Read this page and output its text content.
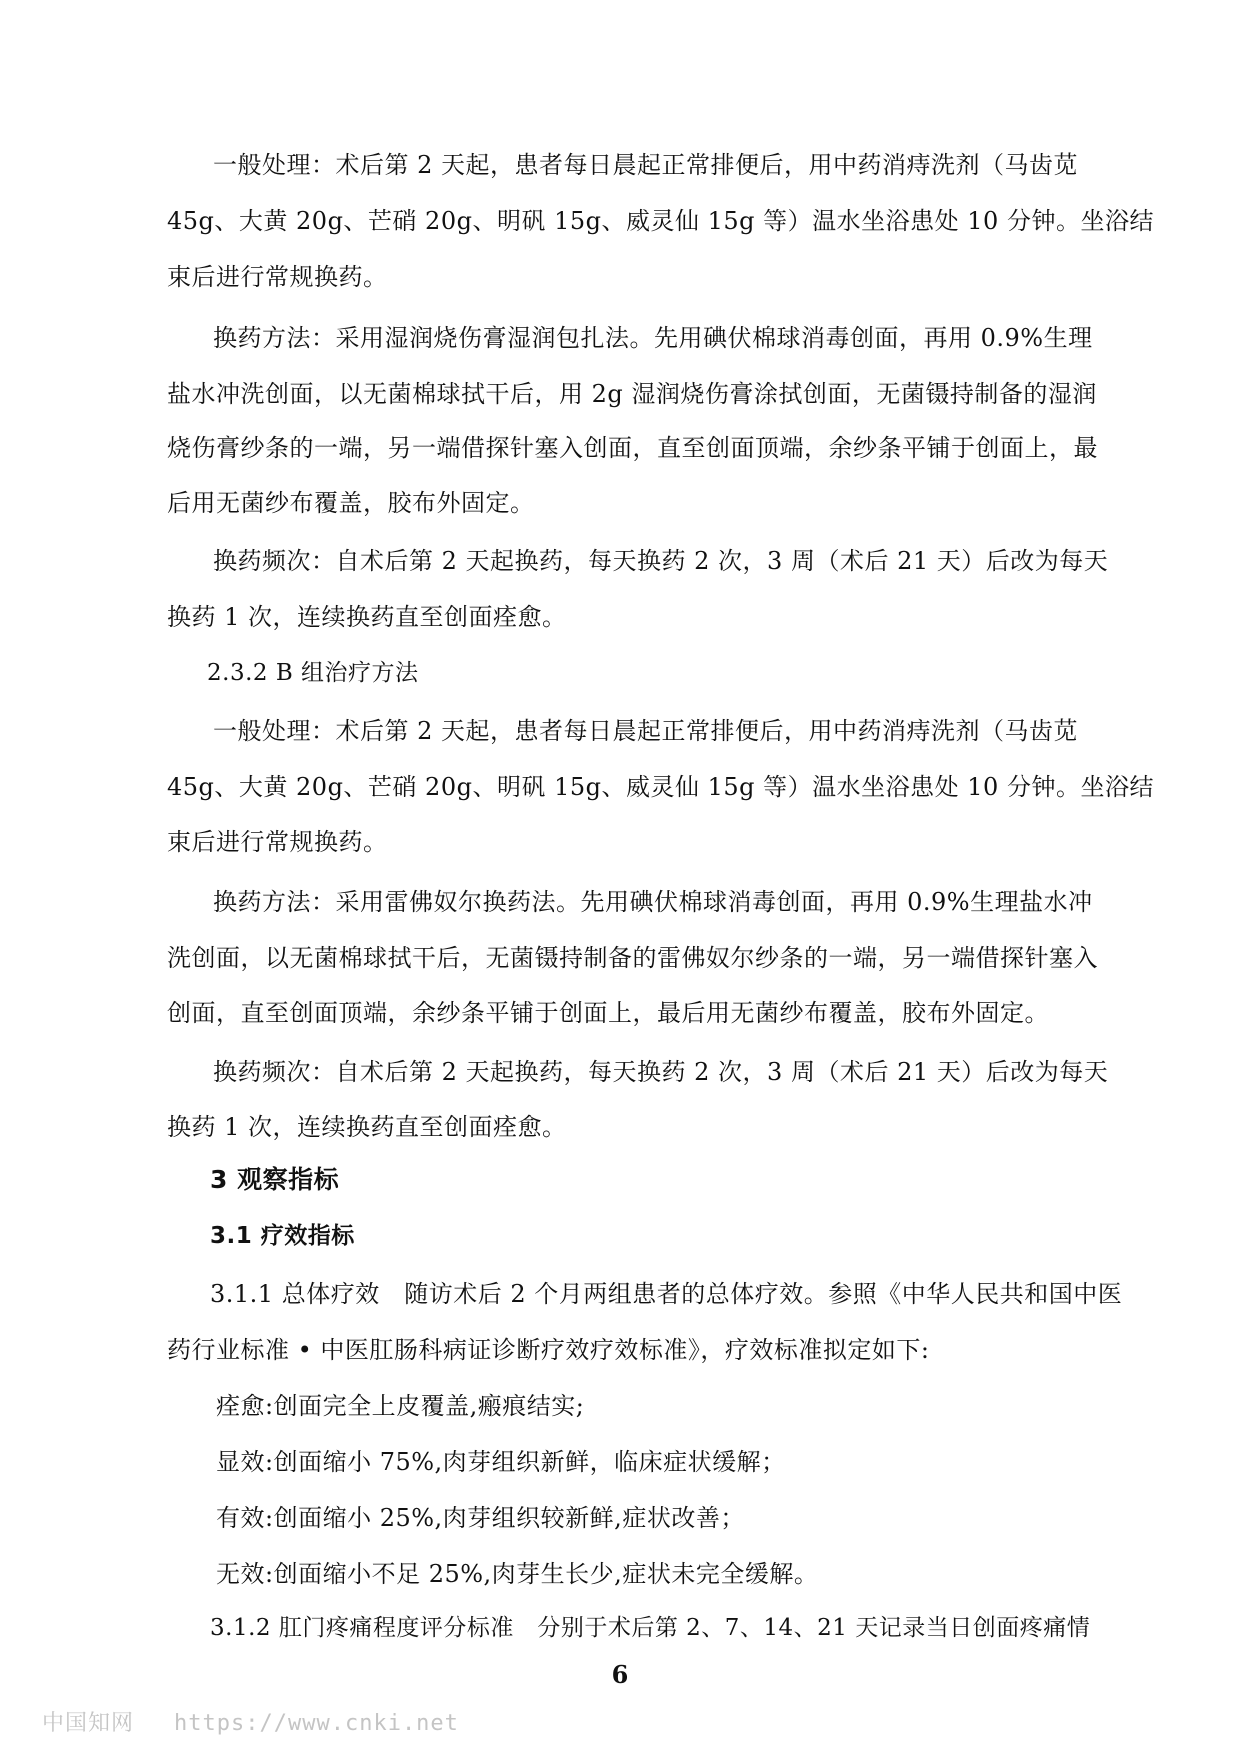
一般处理：术后第 2 天起，患者每日晨起正常排便后，用中药消痔洗剂（马齿苋
45g、大黄 20g、芒硝 20g、明矾 15g、威灵仙 15g 等）温水坐浴患处 10 分钟。坐浴结
束后进行常规换药。
换药方法：采用湿润烧伤膏湿润包扎法。先用碘伏棉球消毒创面，再用 0.9%生理
盐水冲洗创面，以无菌棉球拭干后，用 2g 湿润烧伤膏涂拭创面，无菌镊持制备的湿润
烧伤膏纱条的一端，另一端借探针塞入创面，直至创面顶端，余纱条平铺于创面上，最
后用无菌纱布覆盖，胶布外固定。
换药频次：自术后第 2 天起换药，每天换药 2 次，3 周（术后 21 天）后改为每天
换药 1 次，连续换药直至创面痊愈。
2.3.2 B 组治疗方法
一般处理：术后第 2 天起，患者每日晨起正常排便后，用中药消痔洗剂（马齿苋
45g、大黄 20g、芒硝 20g、明矾 15g、威灵仙 15g 等）温水坐浴患处 10 分钟。坐浴结
束后进行常规换药。
换药方法：采用雷佛奴尔换药法。先用碘伏棉球消毒创面，再用 0.9%生理盐水冲
洗创面，以无菌棉球拭干后，无菌镊持制备的雷佛奴尔纱条的一端，另一端借探针塞入
创面，直至创面顶端，余纱条平铺于创面上，最后用无菌纱布覆盖，胶布外固定。
换药频次：自术后第 2 天起换药，每天换药 2 次，3 周（术后 21 天）后改为每天
换药 1 次，连续换药直至创面痊愈。
3 观察指标
3.1 疗效指标
3.1.1 总体疗效　随访术后 2 个月两组患者的总体疗效。参照《中华人民共和国中医
药行业标准 • 中医肛肠科病证诊断疗效疗效标准》，疗效标准拟定如下:
痊愈:创面完全上皮覆盖,瘢痕结实;
显效:创面缩小 75%,肉芽组织新鲜，临床症状缓解；
有效:创面缩小 25%,肉芽组织较新鲜,症状改善；
无效:创面缩小不足 25%,肉芽生长少,症状未完全缓解。
3.1.2 肛门疼痛程度评分标准　分别于术后第 2、7、14、21 天记录当日创面疼痛情
6
中国知网 https://www.cnki.net
